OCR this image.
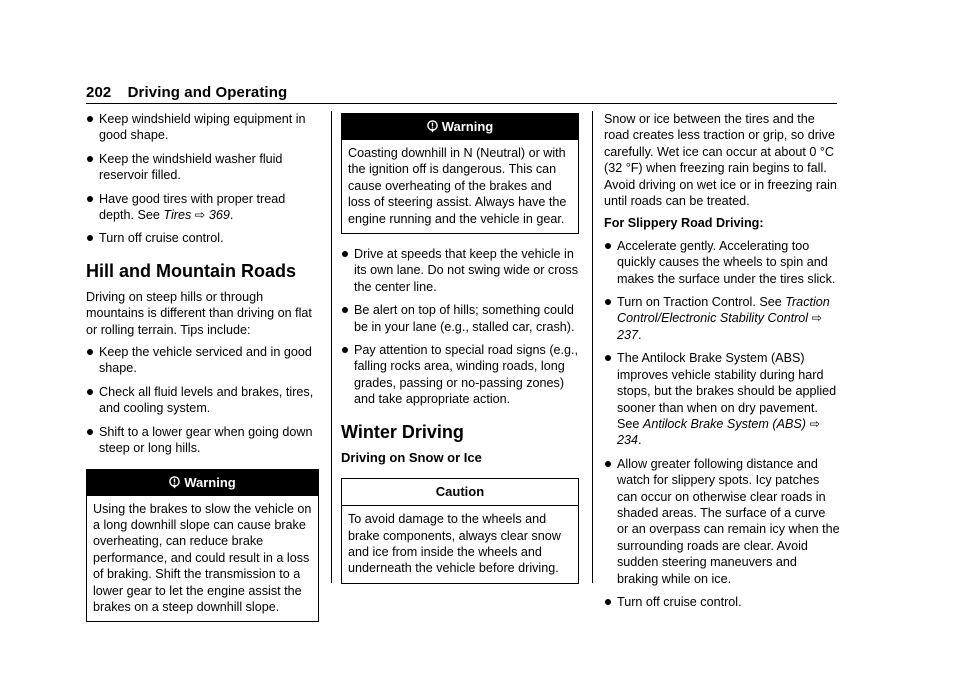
202 Driving and Operating
Keep windshield wiping equipment in good shape.
Keep the windshield washer fluid reservoir filled.
Have good tires with proper tread depth. See Tires ⇨ 369.
Turn off cruise control.
Hill and Mountain Roads

Driving on steep hills or through mountains is different than driving on flat or rolling terrain. Tips include:

Keep the vehicle serviced and in good shape.
Check all fluid levels and brakes, tires, and cooling system.
Shift to a lower gear when going down steep or long hills.
Warning
Using the brakes to slow the vehicle on a long downhill slope can cause brake overheating, can reduce brake performance, and could result in a loss of braking. Shift the transmission to a lower gear to let the engine assist the brakes on a steep downhill slope.
Warning
Coasting downhill in N (Neutral) or with the ignition off is dangerous. This can cause overheating of the brakes and loss of steering assist. Always have the engine running and the vehicle in gear.
Drive at speeds that keep the vehicle in its own lane. Do not swing wide or cross the center line.
Be alert on top of hills; something could be in your lane (e.g., stalled car, crash).
Pay attention to special road signs (e.g., falling rocks area, winding roads, long grades, passing or no-passing zones) and take appropriate action.
Winter Driving
Driving on Snow or Ice
Caution
To avoid damage to the wheels and brake components, always clear snow and ice from inside the wheels and underneath the vehicle before driving.

Snow or ice between the tires and the road creates less traction or grip, so drive carefully. Wet ice can occur at about 0 °C (32 °F) when freezing rain begins to fall. Avoid driving on wet ice or in freezing rain until roads can be treated.

For Slippery Road Driving:

Accelerate gently. Accelerating too quickly causes the wheels to spin and makes the surface under the tires slick.
Turn on Traction Control. See Traction Control/Electronic Stability Control ⇨ 237.
The Antilock Brake System (ABS) improves vehicle stability during hard stops, but the brakes should be applied sooner than when on dry pavement. See Antilock Brake System (ABS) ⇨ 234.
Allow greater following distance and watch for slippery spots. Icy patches can occur on otherwise clear roads in shaded areas. The surface of a curve or an overpass can remain icy when the surrounding roads are clear. Avoid sudden steering maneuvers and braking while on ice.
Turn off cruise control.
